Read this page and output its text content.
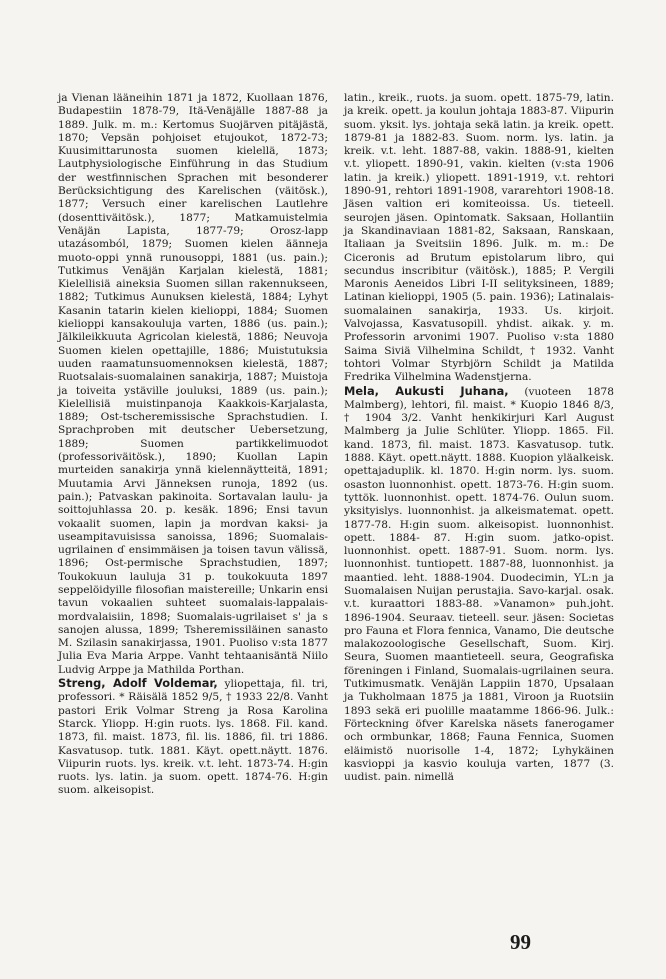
ja Vienan lääneihin 1871 ja 1872, Kuollaan 1876, Budapestiin 1878-79, Itä-Venäjälle 1887-88 ja 1889. Julk. m. m.: Kertomus Suojärven pitäjästä, 1870; Vepsän pohjoiset etujoukot, 1872-73; Kuusimittarunosta suomen kielellä, 1873; Lautphysiologische Einführung in das Studium der westfinnischen Sprachen mit besonderer Berücksichtigung des Karelischen (väitösk.), 1877; Versuch einer karelischen Lautlehre (dosenttiväitösk.), 1877; Matkamuistelmia Venäjän Lapista, 1877-79; Orosz-lapp utazásomból, 1879; Suomen kielen äänneja muoto-oppi ynnä runousoppi, 1881 (us. pain.); Tutkimus Venäjän Karjalan kielestä, 1881; Kielellisiä aineksia Suomen sillan rakennukseen, 1882; Tutkimus Aunuksen kielestä, 1884; Lyhyt Kasanin tatarin kielen kielioppi, 1884; Suomen kielioppi kansakouluja varten, 1886 (us. pain.); Jälkileikkuuta Agricolan kielestä, 1886; Neuvoja Suomen kielen opettajille, 1886; Muistutuksia uuden raamatunsuomennoksen kielestä, 1887; Ruotsalais-suomalainen sanakirja, 1887; Muistoja ja toiveita ystäville jouluksi, 1889 (us. pain.); Kielellisiä muistinpanoja Kaakkois-Karjalasta, 1889; Ost-tscheremissische Sprachstudien. I. Sprachproben mit deutscher Uebersetzung, 1889; Suomen partikkelimuodot (professoriväitösk.), 1890; Kuollan Lapin murteiden sanakirja ynnä kielennäytteitä, 1891; Muutamia Arvi Jänneksen runoja, 1892 (us. pain.); Patvaskan pakinoita. Sortavalan laulu- ja soittojuhlassa 20. p. kesäk. 1896; Ensi tavun vokaalit suomen, lapin ja mordvan kaksi- ja useampitavuisissa sanoissa, 1896; Suomalais-ugrilainen ɗ ensimmäisen ja toisen tavun välissä, 1896; Ost-permische Sprachstudien, 1897; Toukokuun lauluja 31 p. toukokuuta 1897 seppelöidyille filosofian maistereille; Unkarin ensi tavun vokaalien suhteet suomalais-lappalais-mordvalaisiin, 1898; Suomalais-ugrilaiset s' ja s sanojen alussa, 1899; Tsheremissiläinen sanasto M. Szilasin sanakirjassa, 1901. Puoliso v:sta 1877 Julia Eva Maria Arppe. Vanht tehtaanisäntä Niilo Ludvig Arppe ja Mathilda Porthan.

Streng, Adolf Voldemar, yliopettaja, fil. tri, professori. * Räisälä 1852 9/5, † 1933 22/8. Vanht pastori Erik Volmar Streng ja Rosa Karolina Starck. Yliopp. H:gin ruots. lys. 1868. Fil. kand. 1873, fil. maist. 1873, fil. lis. 1886, fil. tri 1886. Kasvatusop. tutk. 1881. Käyt. opett.näytt. 1876. Viipurin ruots. lys. kreik. v.t. leht. 1873-74. H:gin ruots. lys. latin. ja suom. opett. 1874-76. H:gin suom. alkeisopist.

latin., kreik., ruots. ja suom. opett. 1875-79, latin. ja kreik. opett. ja koulun johtaja 1883-87. Viipurin suom. yksit. lys. johtaja sekä latin. ja kreik. opett. 1879-81 ja 1882-83. Suom. norm. lys. latin. ja kreik. v.t. leht. 1887-88, vakin. 1888-91, kielten v.t. yliopett. 1890-91, vakin. kielten (v:sta 1906 latin. ja kreik.) yliopett. 1891-1919, v.t. rehtori 1890-91, rehtori 1891-1908, vararehtori 1908-18. Jäsen valtion eri komiteoissa. Us. tieteell. seurojen jäsen. Opintomatk. Saksaan, Hollantiin ja Skandinaviaan 1881-82, Saksaan, Ranskaan, Italiaan ja Sveitsiin 1896. Julk. m. m.: De Ciceronis ad Brutum epistolarum libro, qui secundus inscribitur (väitösk.), 1885; P. Vergili Maronis Aeneidos Libri I-II selityksineen, 1889; Latinan kielioppi, 1905 (5. pain. 1936); Latinalais-suomalainen sanakirja, 1933. Us. kirjoit. Valvojassa, Kasvatusopill. yhdist. aikak. y. m. Professorin arvonimi 1907. Puoliso v:sta 1880 Saima Siviä Vilhelmina Schildt, † 1932. Vanht tohtori Volmar Styrbjörn Schildt ja Matilda Fredrika Vilhelmina Wadenstjerna.

Mela, Aukusti Juhana, (vuoteen 1878 Malmberg), lehtori, fil. maist. * Kuopio 1846 8/3, † 1904 3/2. Vanht henkikirjuri Karl August Malmberg ja Julie Schlüter. Yliopp. 1865. Fil. kand. 1873, fil. maist. 1873. Kasvatusop. tutk. 1888. Käyt. opett.näytt. 1888. Kuopion yläalkeisk. opettajaduplik. kl. 1870. H:gin norm. lys. suom. osaston luonnonhist. opett. 1873-76. H:gin suom. tyttök. luonnonhist. opett. 1874-76. Oulun suom. yksityislys. luonnonhist. ja alkeismatemat. opett. 1877-78. H:gin suom. alkeisopist. luonnonhist. opett. 1884- 87. H:gin suom. jatko-opist. luonnonhist. opett. 1887-91. Suom. norm. lys. luonnonhist. tuntiopett. 1887-88, luonnonhist. ja maantied. leht. 1888-1904. Duodecimin, YL:n ja Suomalaisen Nuijan perustajia. Savo-karjal. osak. v.t. kuraattori 1883-88. »Vanamon» puh.joht. 1896-1904. Seuraav. tieteell. seur. jäsen: Societas pro Fauna et Flora fennica, Vanamo, Die deutsche malakozoologische Gesellschaft, Suom. Kirj. Seura, Suomen maantieteell. seura, Geografiska föreningen i Finland, Suomalais-ugrilainen seura. Tutkimusmatk. Venäjän Lappiin 1870, Upsalaan ja Tukholmaan 1875 ja 1881, Viroon ja Ruotsiin 1893 sekä eri puolille maatamme 1866-96. Julk.: Förteckning öfver Karelska näsets fanerogamer och ormbunkar, 1868; Fauna Fennica, Suomen eläimistö nuorisolle 1-4, 1872; Lyhykäinen kasvioppi ja kasvio kouluja varten, 1877 (3. uudist. pain. nimellä

99
